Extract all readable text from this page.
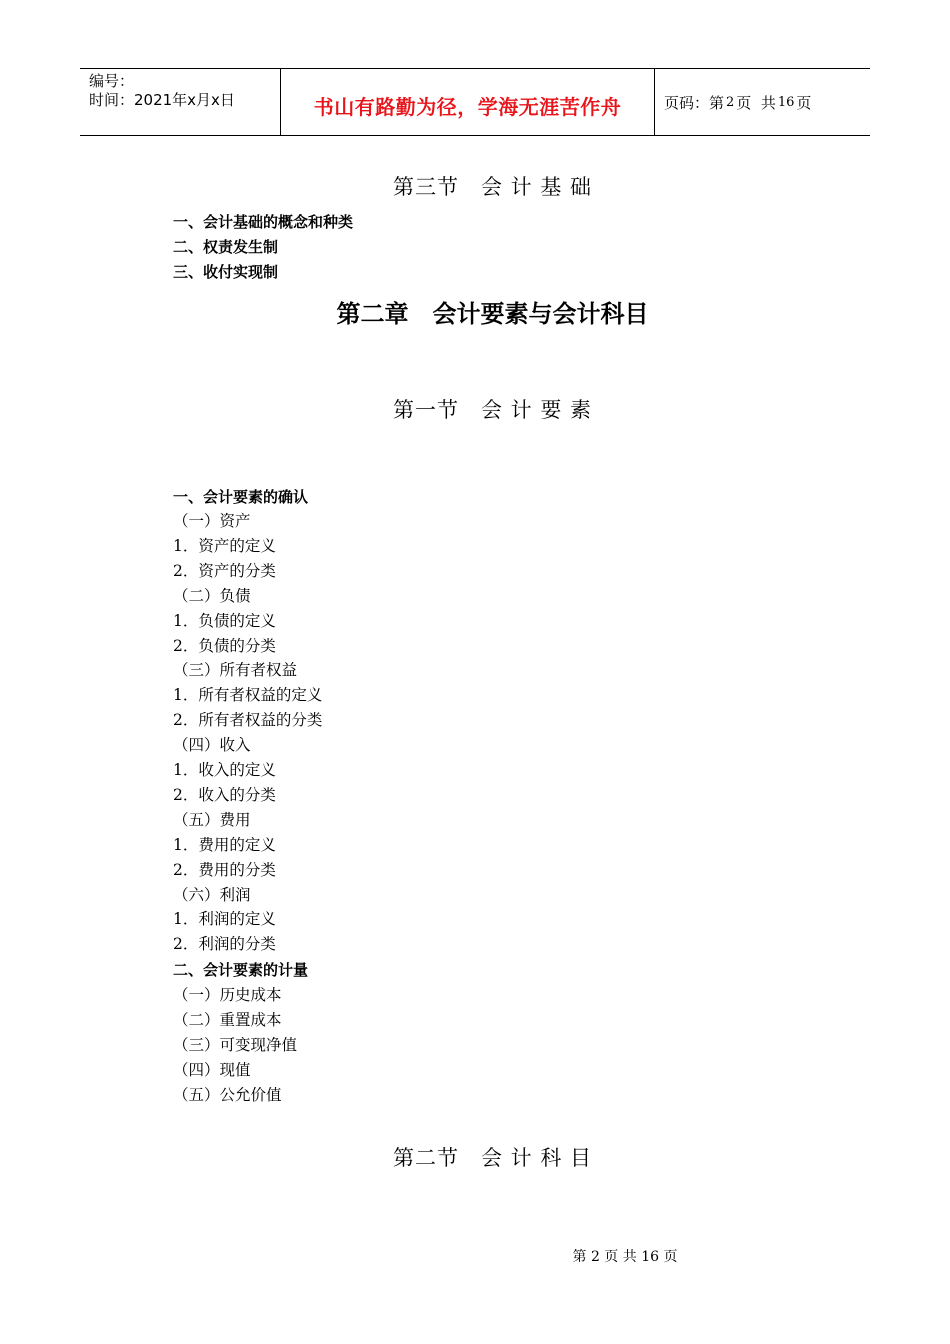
编号：
时间：2021年x月x日	书山有路勤为径，学海无涯苦作舟	页码：第 2 页  共 16 页
第三节　会 计 基 础
一、会计基础的概念和种类
二、权责发生制
三、收付实现制
第二章　会计要素与会计科目
第一节　会 计 要 素
一、会计要素的确认
（一）资产
1．资产的定义
2．资产的分类
（二）负债
1．负债的定义
2．负债的分类
（三）所有者权益
1．所有者权益的定义
2．所有者权益的分类
（四）收入
1．收入的定义
2．收入的分类
（五）费用
1．费用的定义
2．费用的分类
（六）利润
1．利润的定义
2．利润的分类
二、会计要素的计量
（一）历史成本
（二）重置成本
（三）可变现净值
（四）现值
（五）公允价值
第二节　会 计 科 目
第 2 页 共 16 页
